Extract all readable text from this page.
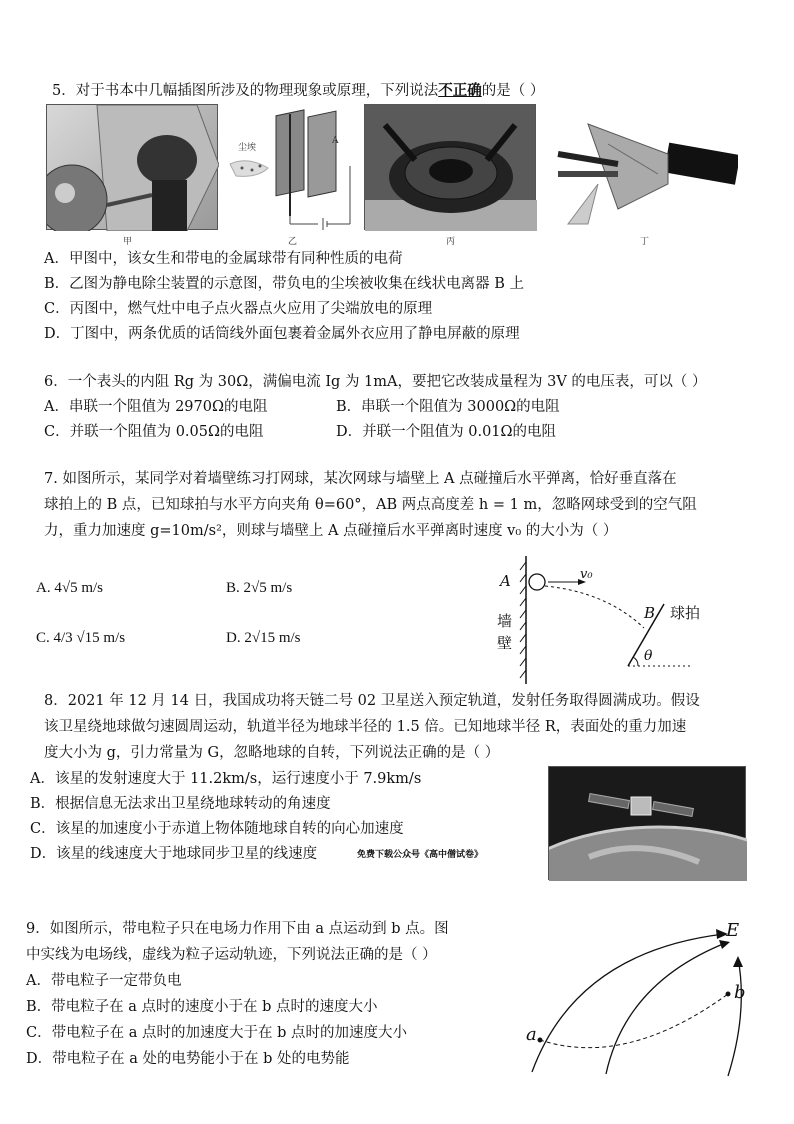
5．对于书本中几幅插图所涉及的物理现象或原理，下列说法不正确的是（ ）
甲
尘埃
A
乙	丙	丁
A．甲图中，该女生和带电的金属球带有同种性质的电荷
B．乙图为静电除尘装置的示意图，带负电的尘埃被收集在线状电离器 B 上
C．丙图中，燃气灶中电子点火器点火应用了尖端放电的原理
D．丁图中，两条优质的话筒线外面包裹着金属外衣应用了静电屏蔽的原理
6．一个表头的内阻 Rg 为 30Ω，满偏电流 Ig 为 1mA，要把它改装成量程为 3V 的电压表，可以（ ）
A．串联一个阻值为 2970Ω的电阻	B．串联一个阻值为 3000Ω的电阻
C．并联一个阻值为 0.05Ω的电阻	D．并联一个阻值为 0.01Ω的电阻
7. 如图所示，某同学对着墙壁练习打网球，某次网球与墙壁上 A 点碰撞后水平弹离，恰好垂直落在
球拍上的 B 点，已知球拍与水平方向夹角 θ=60°，AB 两点高度差 h = 1 m，忽略网球受到的空气阻
力，重力加速度 g=10m/s²，则球与墙壁上 A 点碰撞后水平弹离时速度 v₀ 的大小为（ ）
A. 4√5 m/s	B. 2√5 m/s
C. 4/3 √15 m/s	D. 2√15 m/s
A	v₀
B 球拍
墙
壁
θ
8．2021 年 12 月 14 日，我国成功将天链二号 02 卫星送入预定轨道，发射任务取得圆满成功。假设
该卫星绕地球做匀速圆周运动，轨道半径为地球半径的 1.5 倍。已知地球半径 R，表面处的重力加速
度大小为 g，引力常量为 G，忽略地球的自转，下列说法正确的是（ ）
A．该星的发射速度大于 11.2km/s，运行速度小于 7.9km/s
B．根据信息无法求出卫星绕地球转动的角速度
C．该星的加速度小于赤道上物体随地球自转的向心加速度
D．该星的线速度大于地球同步卫星的线速度	免费下载公众号《高中僧试卷》
9．如图所示，带电粒子只在电场力作用下由 a 点运动到 b 点。图
中实线为电场线，虚线为粒子运动轨迹，下列说法正确的是（ ）
A．带电粒子一定带负电
B．带电粒子在 a 点时的速度小于在 b 点时的速度大小
C．带电粒子在 a 点时的加速度大于在 b 点时的加速度大小
D．带电粒子在 a 处的电势能小于在 b 处的电势能
E
a
b
